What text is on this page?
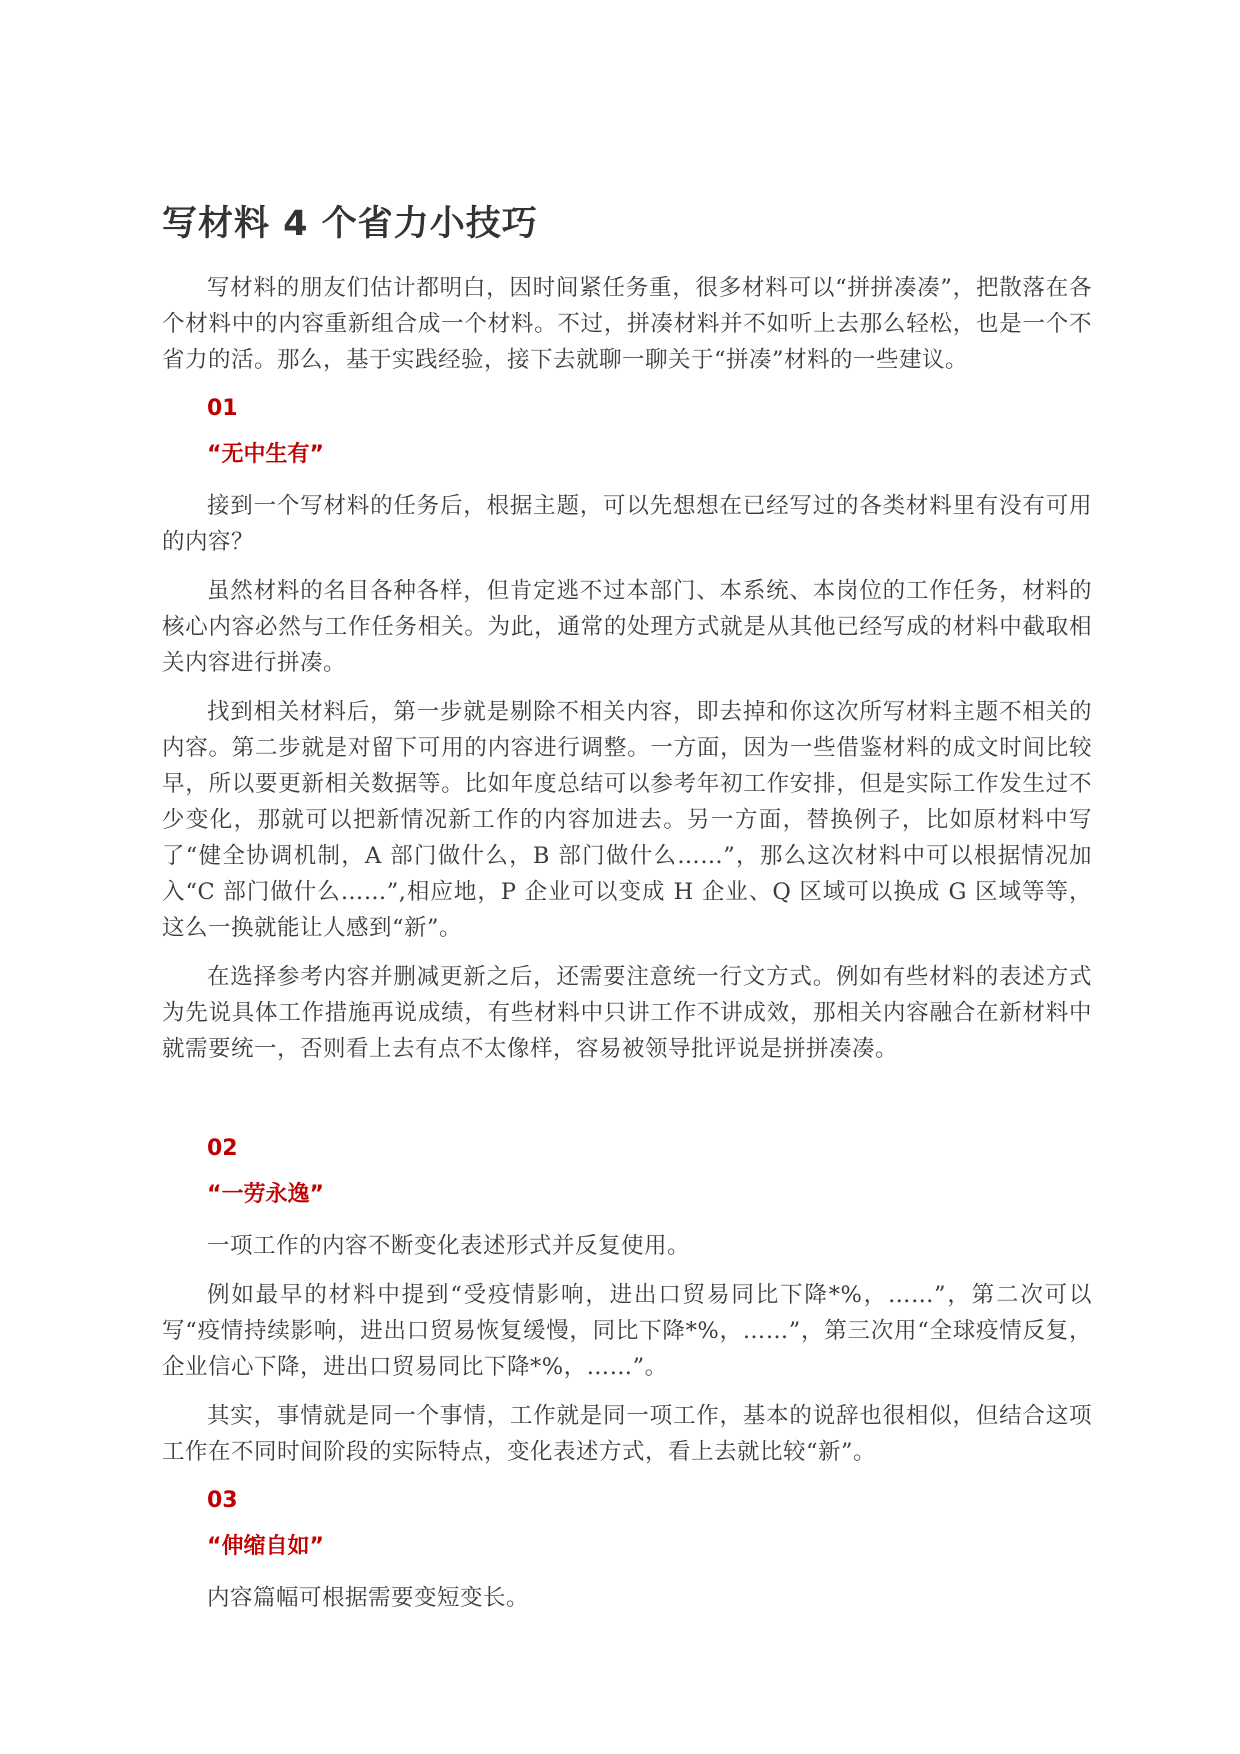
写材料 4 个省力小技巧

写材料的朋友们估计都明白，因时间紧任务重，很多材料可以“拼拼凑凑”，把散落在各个材料中的内容重新组合成一个材料。不过，拼凑材料并不如听上去那么轻松，也是一个不省力的活。那么，基于实践经验，接下去就聊一聊关于“拼凑”材料的一些建议。

01
“无中生有”

接到一个写材料的任务后，根据主题，可以先想想在已经写过的各类材料里有没有可用的内容？

虽然材料的名目各种各样，但肯定逃不过本部门、本系统、本岗位的工作任务，材料的核心内容必然与工作任务相关。为此，通常的处理方式就是从其他已经写成的材料中截取相关内容进行拼凑。

找到相关材料后，第一步就是剔除不相关内容，即去掉和你这次所写材料主题不相关的内容。第二步就是对留下可用的内容进行调整。一方面，因为一些借鉴材料的成文时间比较早，所以要更新相关数据等。比如年度总结可以参考年初工作安排，但是实际工作发生过不少变化，那就可以把新情况新工作的内容加进去。另一方面，替换例子，比如原材料中写了“健全协调机制，A 部门做什么，B 部门做什么……”，那么这次材料中可以根据情况加入“C 部门做什么……”,相应地，P 企业可以变成 H 企业、Q 区域可以换成 G 区域等等，这么一换就能让人感到“新”。

在选择参考内容并删减更新之后，还需要注意统一行文方式。例如有些材料的表述方式为先说具体工作措施再说成绩，有些材料中只讲工作不讲成效，那相关内容融合在新材料中就需要统一，否则看上去有点不太像样，容易被领导批评说是拼拼凑凑。

02
“一劳永逸”

一项工作的内容不断变化表述形式并反复使用。

例如最早的材料中提到“受疫情影响，进出口贸易同比下降*%，……”，第二次可以写“疫情持续影响，进出口贸易恢复缓慢，同比下降*%，……”，第三次用“全球疫情反复，企业信心下降，进出口贸易同比下降*%，……”。

其实，事情就是同一个事情，工作就是同一项工作，基本的说辞也很相似，但结合这项工作在不同时间阶段的实际特点，变化表述方式，看上去就比较“新”。

03
“伸缩自如”

内容篇幅可根据需要变短变长。
